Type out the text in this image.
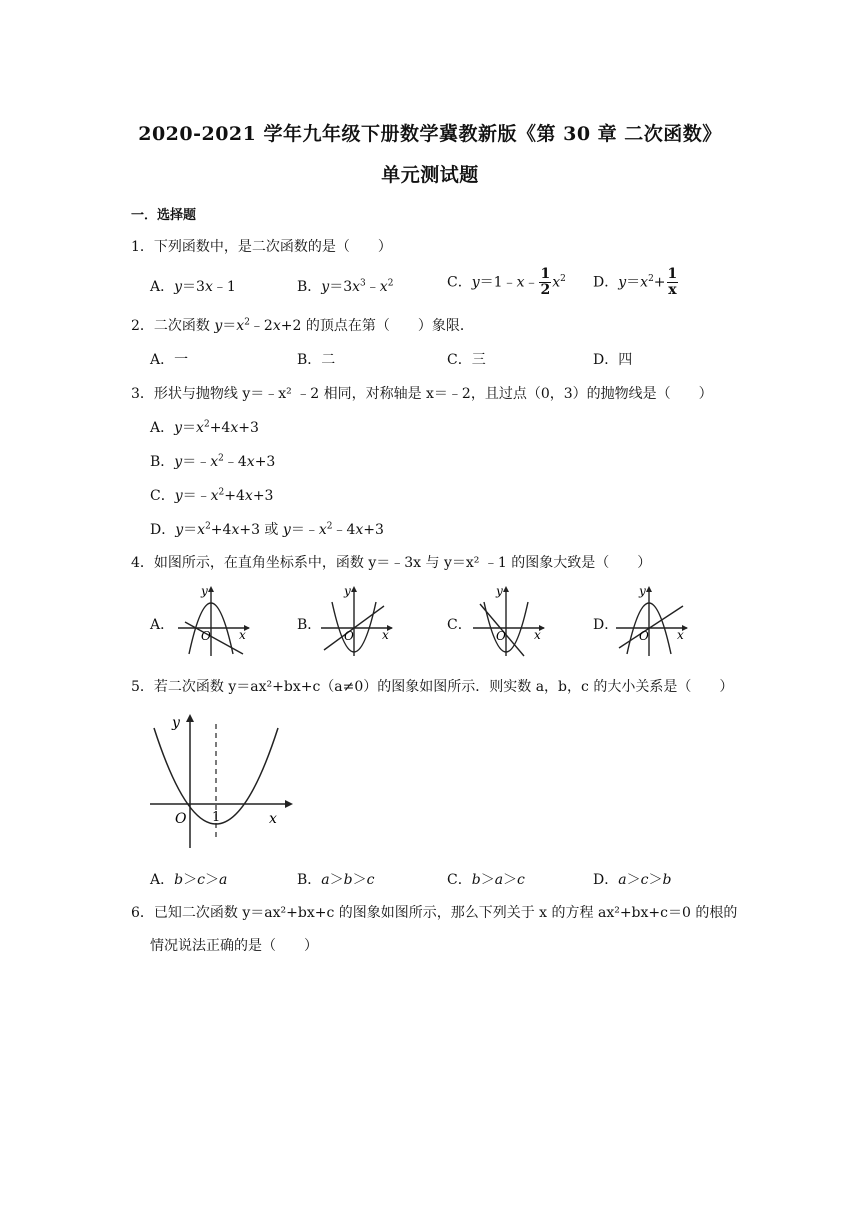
2020-2021 学年九年级下册数学冀教新版《第 30 章 二次函数》
单元测试题
一．选择题
1．下列函数中，是二次函数的是（　　）
A．y＝3x﹣1	B．$y=3x^3﹣x^2$	C．y＝1﹣x﹣ $\frac{1}{2} x^2$ D．$y=x^2+ \frac{1}{x}$
2．二次函数 $y=x^2﹣2x+2$ 的顶点在第（　　）象限．
A．一	B．二	C．三	D．四
3．形状与抛物线 y＝﹣x² ﹣2 相同，对称轴是 x＝﹣2，且过点（0，3）的抛物线是（　　）
A．$y=x^2+4x+3$
B．$y=﹣x^2﹣4x+3$
C．$y=﹣x^2+4x+3$
D．$y=x^2+4x+3$ 或 $y=﹣x^2﹣4x+3$
4．如图所示，在直角坐标系中，函数 y＝﹣3x 与 y＝x² ﹣1 的图象大致是（　　）
A．
y
x
O
B．
y
x
O
C．
y
x
O
D．
y
x
O
5．若二次函数 y＝ax²+bx+c（a≠0）的图象如图所示．则实数 a，b，c 的大小关系是（　　）
y
x
O 1
A．b＞c＞a	B．a＞b＞c	C．b＞a＞c	D．a＞c＞b
6．已知二次函数 y＝ax²+bx+c 的图象如图所示，那么下列关于 x 的方程 ax²+bx+c＝0 的根的
情况说法正确的是（　　）
